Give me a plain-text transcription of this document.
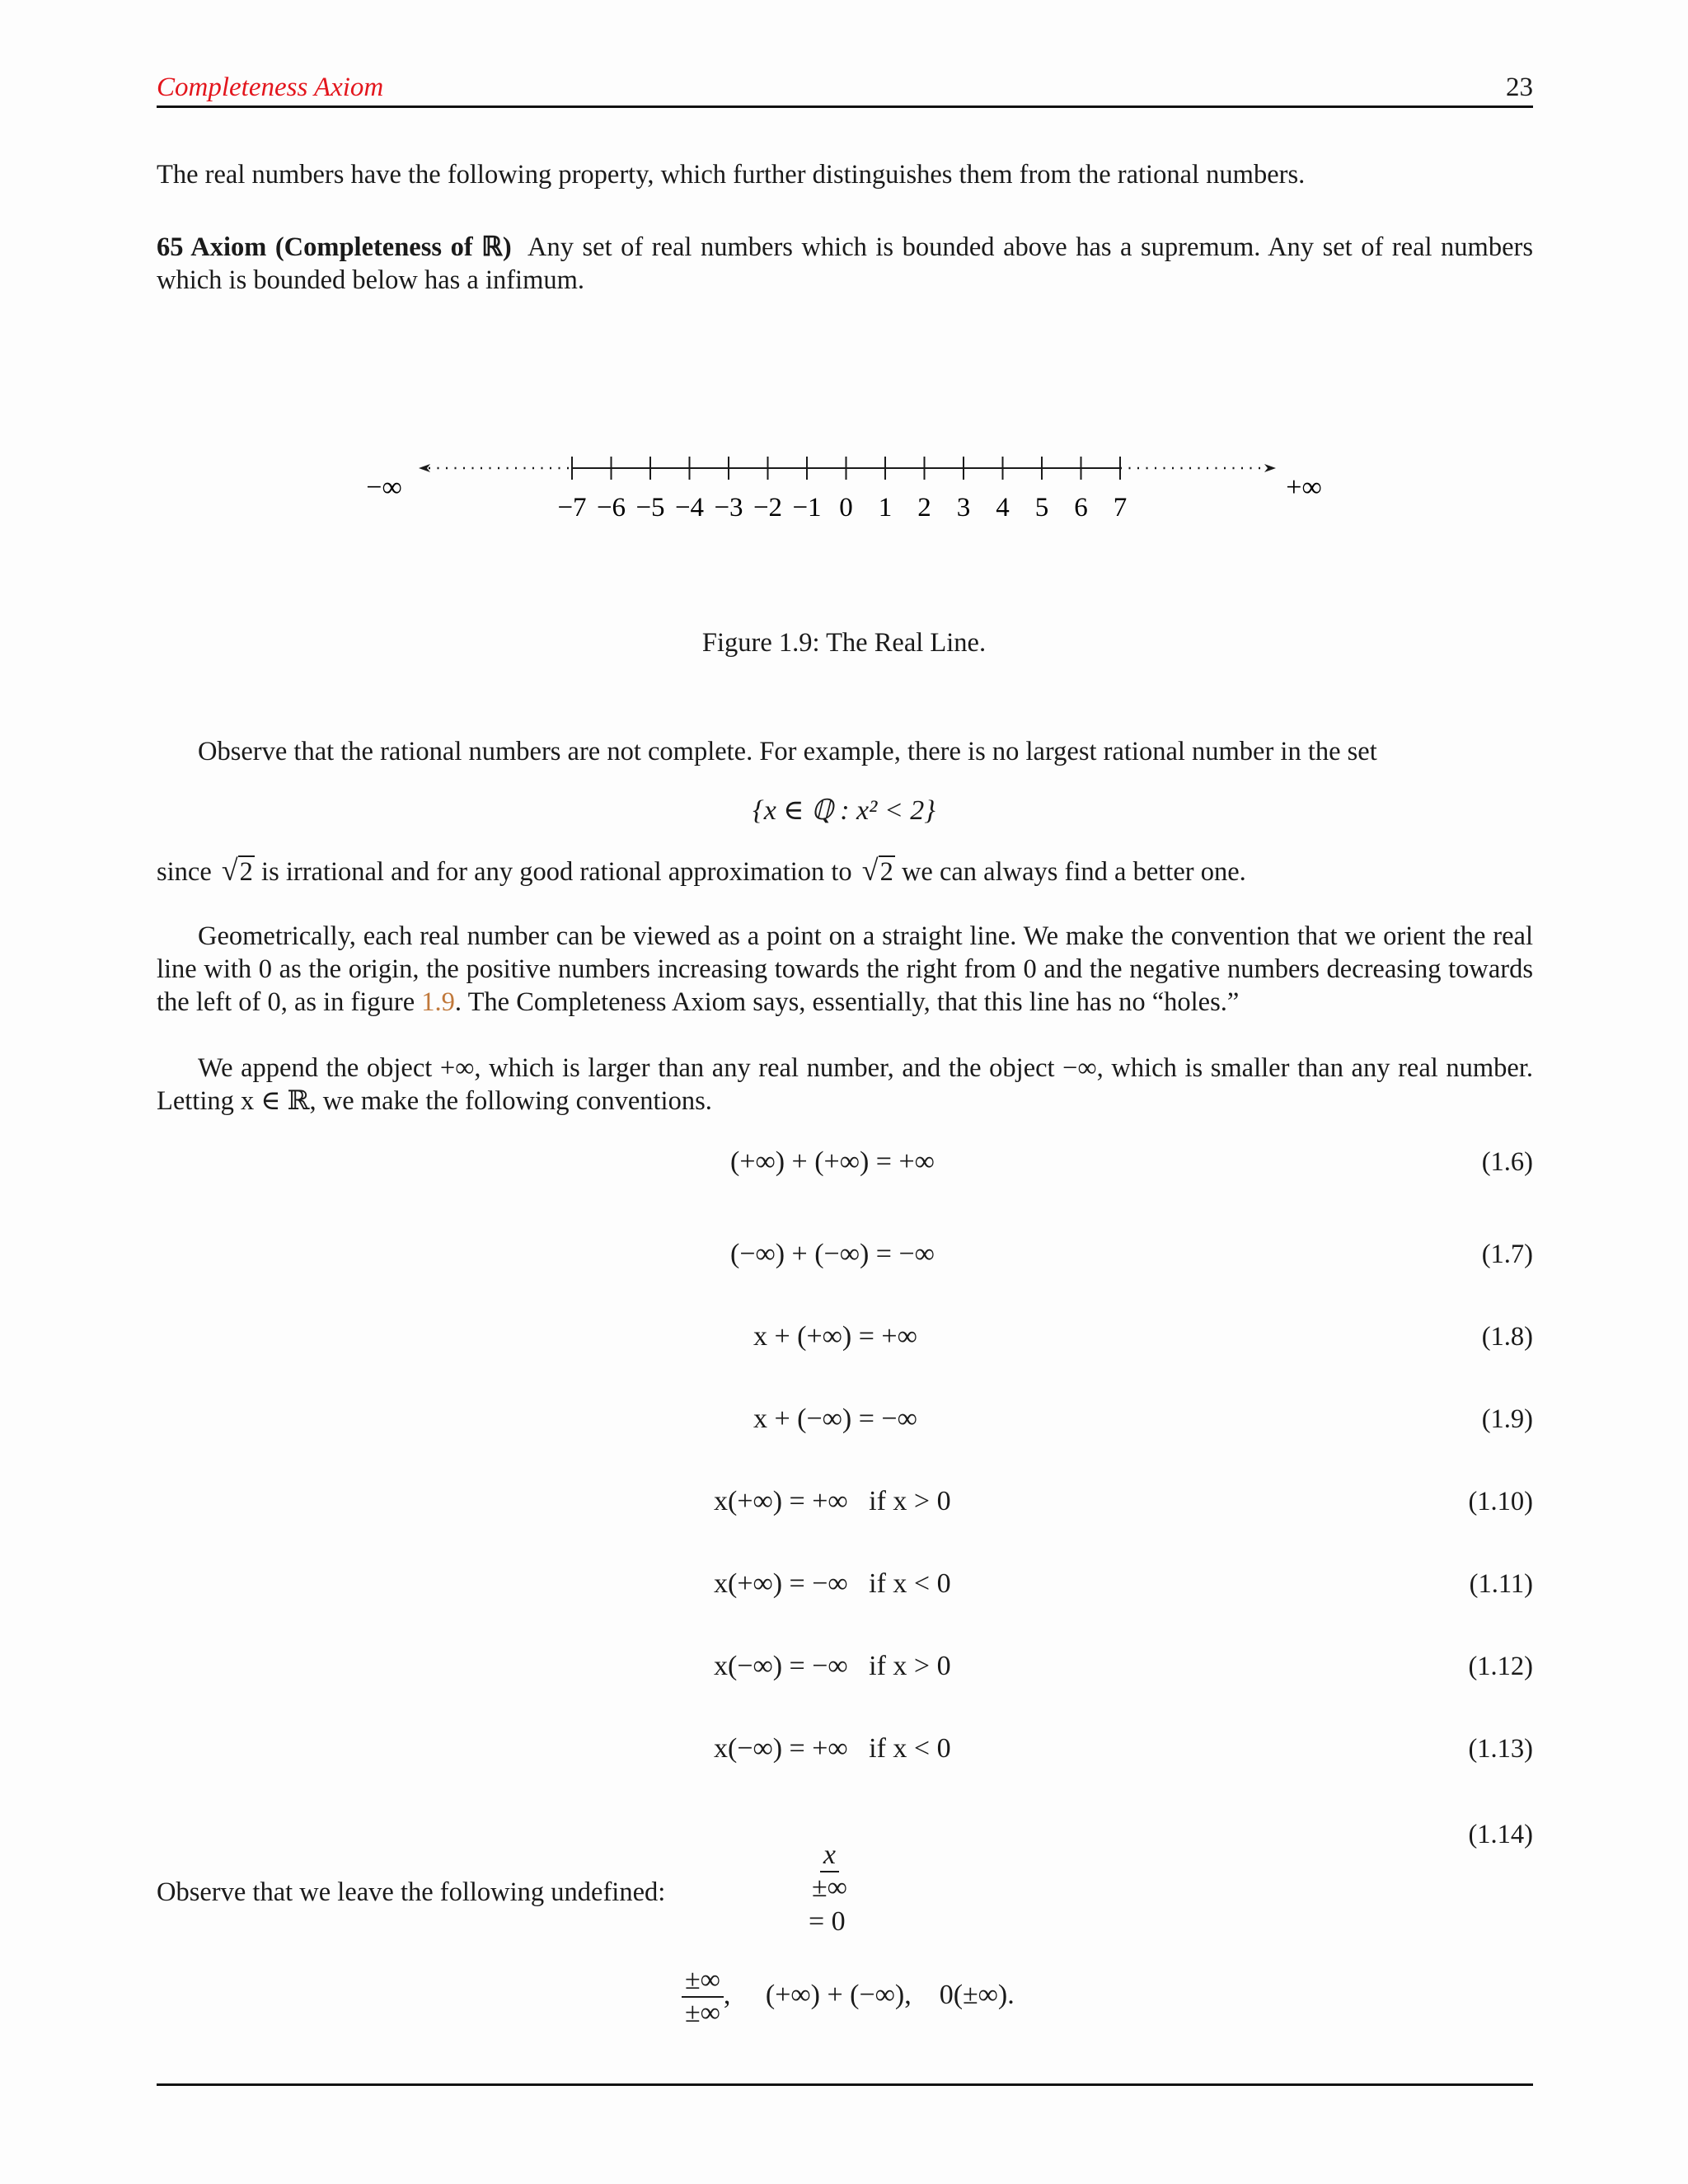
Completeness Axiom	23

The real numbers have the following property, which further distinguishes them from the rational numbers.

65 Axiom (Completeness of ℝ) Any set of real numbers which is bounded above has a supremum. Any set of real numbers which is bounded below has a infimum.

−7 −6 −5 −4 −3 −2 −1 0 1 2 3 4 5 6 7
−∞	+∞
Figure 1.9: The Real Line.

Observe that the rational numbers are not complete. For example, there is no largest rational number in the set

{x ∈ ℚ : x² < 2}

since √2 is irrational and for any good rational approximation to √2 we can always find a better one.

Geometrically, each real number can be viewed as a point on a straight line. We make the convention that we orient the real line with 0 as the origin, the positive numbers increasing towards the right from 0 and the negative numbers decreasing towards the left of 0, as in figure 1.9. The Completeness Axiom says, essentially, that this line has no “holes.”

We append the object +∞, which is larger than any real number, and the object −∞, which is smaller than any real number. Letting x ∈ ℝ, we make the following conventions.

(+∞) + (+∞) = +∞	(1.6)
(−∞) + (−∞) = −∞	(1.7)
x + (+∞) = +∞	(1.8)
x + (−∞) = −∞	(1.9)
x(+∞) = +∞   if x > 0	(1.10)
x(+∞) = −∞   if x < 0	(1.11)
x(−∞) = −∞   if x > 0	(1.12)
x(−∞) = +∞   if x < 0	(1.13)

$\frac{x}{\pm\infty}$

= 0

(1.14)

Observe that we leave the following undefined:

$\frac{\pm\infty}{\pm\infty}$ ,     (+∞) + (−∞),    0(±∞).
